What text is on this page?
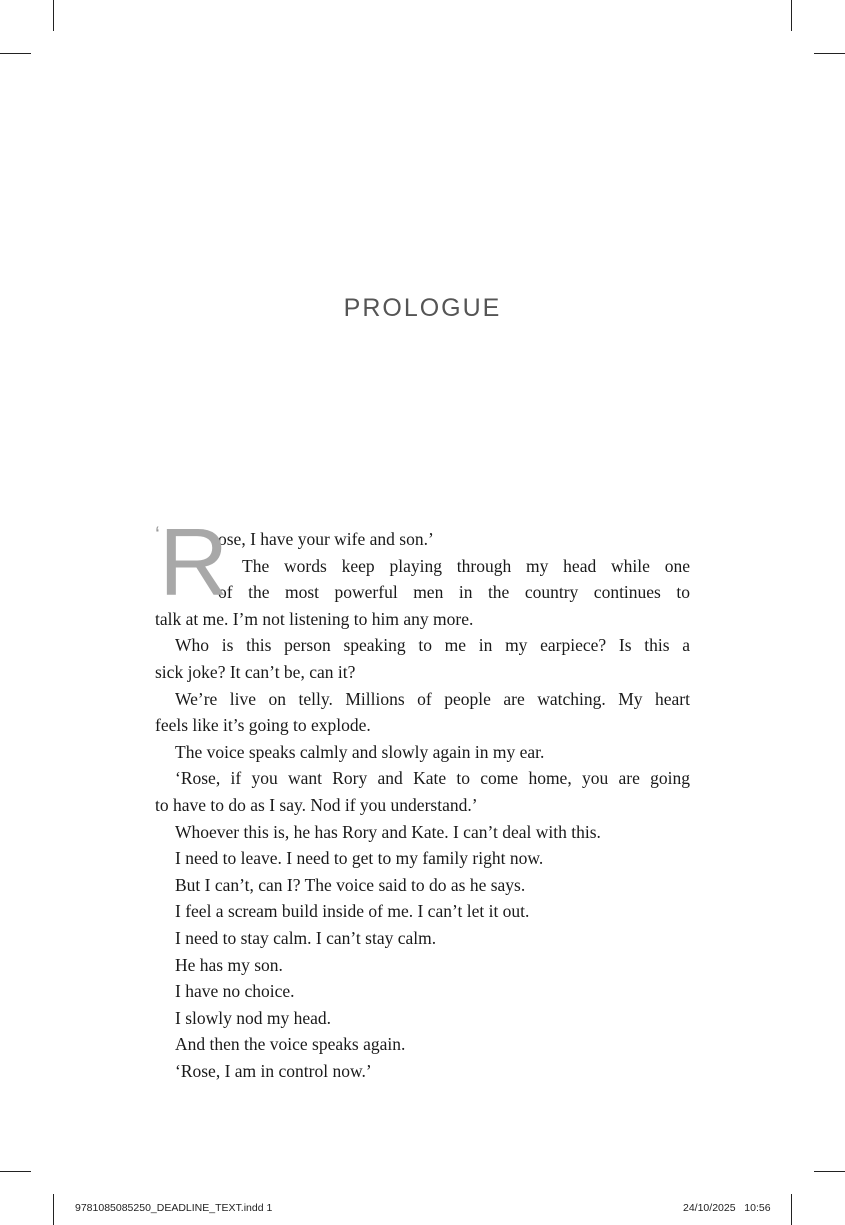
PROLOGUE
‘ R
ose, I have your wife and son.’
The words keep playing through my head while one
of the most powerful men in the country continues to
talk at me. I’m not listening to him any more.
Who is this person speaking to me in my earpiece? Is this a
sick joke? It can’t be, can it?
We’re live on telly. Millions of people are watching. My heart
feels like it’s going to explode.
The voice speaks calmly and slowly again in my ear.
‘Rose, if you want Rory and Kate to come home, you are going
to have to do as I say. Nod if you understand.’
Whoever this is, he has Rory and Kate. I can’t deal with this.
I need to leave. I need to get to my family right now.
But I can’t, can I? The voice said to do as he says.
I feel a scream build inside of me. I can’t let it out.
I need to stay calm. I can’t stay calm.
He has my son.
I have no choice.
I slowly nod my head.
And then the voice speaks again.
‘Rose, I am in control now.’
9781085085250_DEADLINE_TEXT.indd 1	24/10/2025   10:56
